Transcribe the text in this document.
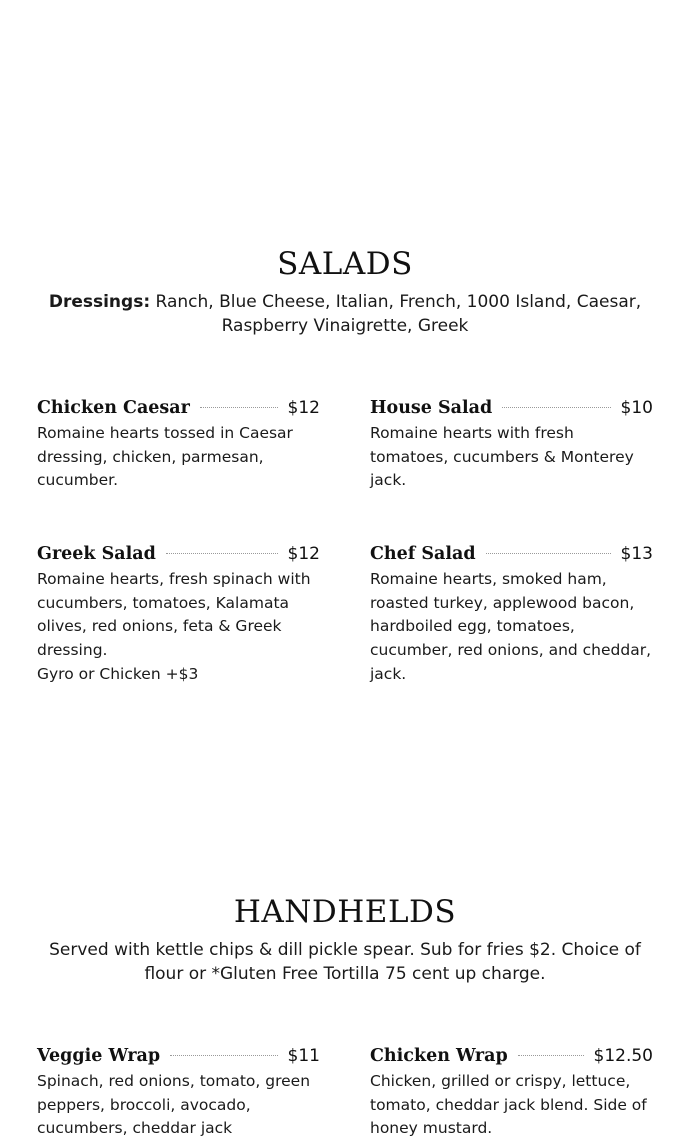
SALADS

Dressings: Ranch, Blue Cheese, Italian, French, 1000 Island, Caesar, Raspberry Vinaigrette, Greek

Chicken Caesar	$12
Romaine hearts tossed in Caesar dressing, chicken, parmesan, cucumber.
House Salad	$10
Romaine hearts with fresh tomatoes, cucumbers & Monterey jack.
Greek Salad	$12
Romaine hearts, fresh spinach with cucumbers, tomatoes, Kalamata olives, red onions, feta & Greek dressing.
Gyro or Chicken +$3
Chef Salad	$13
Romaine hearts, smoked ham, roasted turkey, applewood bacon, hardboiled egg, tomatoes, cucumber, red onions, and cheddar, jack.
HANDHELDS

Served with kettle chips & dill pickle spear. Sub for fries $2. Choice of flour or *Gluten Free Tortilla 75 cent up charge.

Veggie Wrap	$11
Spinach, red onions, tomato, green peppers, broccoli, avocado, cucumbers, cheddar jack
Chicken Wrap	$12.50
Chicken, grilled or crispy, lettuce, tomato, cheddar jack blend. Side of honey mustard.
